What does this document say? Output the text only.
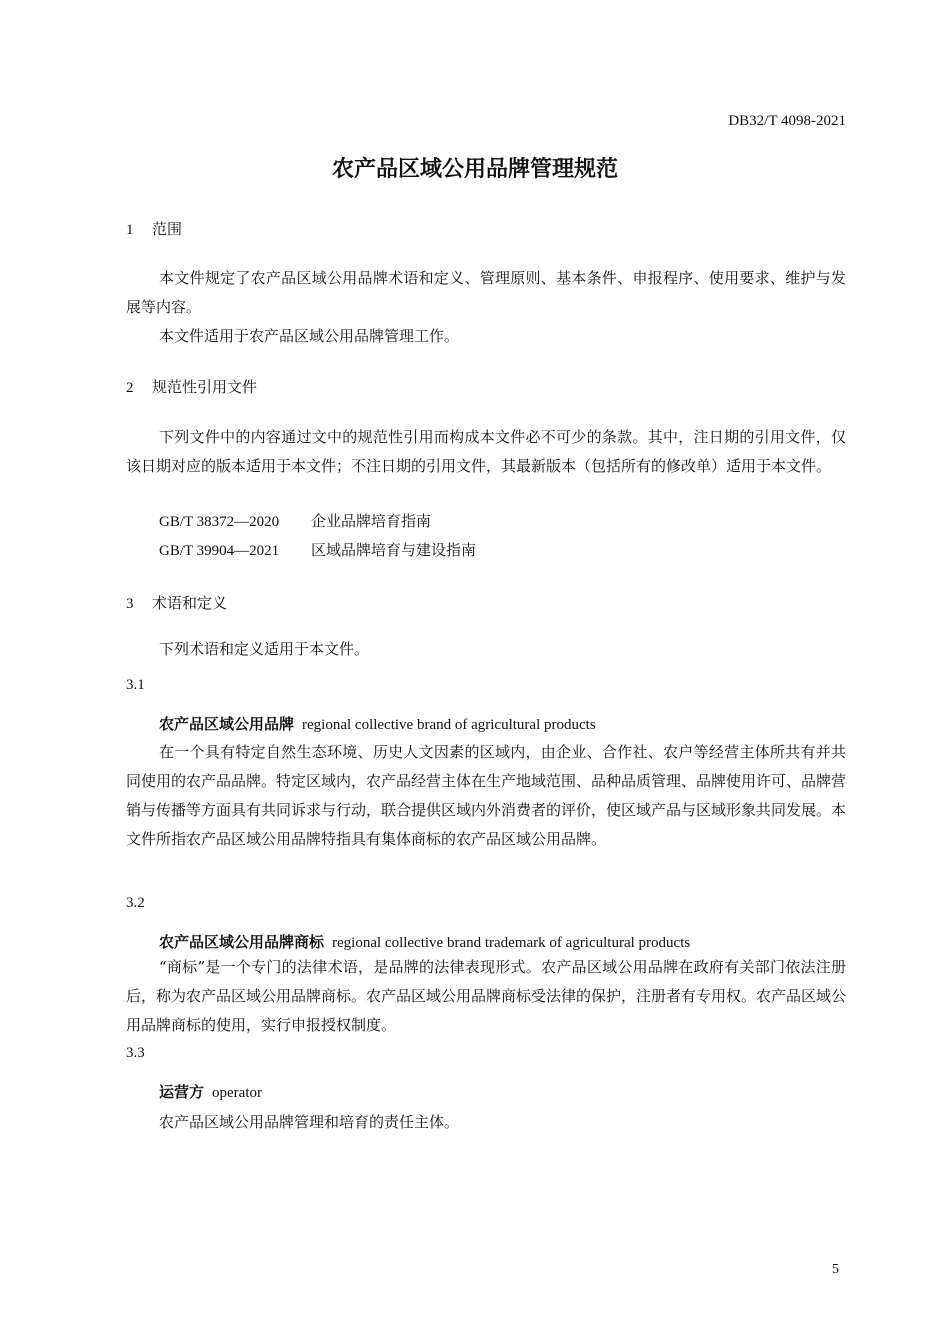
DB32/T 4098-2021
农产品区域公用品牌管理规范
1 范围
本文件规定了农产品区域公用品牌术语和定义、管理原则、基本条件、申报程序、使用要求、维护与发展等内容。
本文件适用于农产品区域公用品牌管理工作。
2 规范性引用文件
下列文件中的内容通过文中的规范性引用而构成本文件必不可少的条款。其中，注日期的引用文件，仅该日期对应的版本适用于本文件；不注日期的引用文件，其最新版本（包括所有的修改单）适用于本文件。
GB/T 38372—2020 企业品牌培育指南
GB/T 39904—2021 区域品牌培育与建设指南
3 术语和定义
下列术语和定义适用于本文件。
3.1
农产品区域公用品牌 regional collective brand of agricultural products
在一个具有特定自然生态环境、历史人文因素的区域内，由企业、合作社、农户等经营主体所共有并共同使用的农产品品牌。特定区域内，农产品经营主体在生产地域范围、品种品质管理、品牌使用许可、品牌营销与传播等方面具有共同诉求与行动，联合提供区域内外消费者的评价，使区域产品与区域形象共同发展。本文件所指农产品区域公用品牌特指具有集体商标的农产品区域公用品牌。
3.2
农产品区域公用品牌商标 regional collective brand trademark of agricultural products
“商标”是一个专门的法律术语，是品牌的法律表现形式。农产品区域公用品牌在政府有关部门依法注册后，称为农产品区域公用品牌商标。农产品区域公用品牌商标受法律的保护，注册者有专用权。农产品区域公用品牌商标的使用，实行申报授权制度。
3.3
运营方 operator
农产品区域公用品牌管理和培育的责任主体。
5
